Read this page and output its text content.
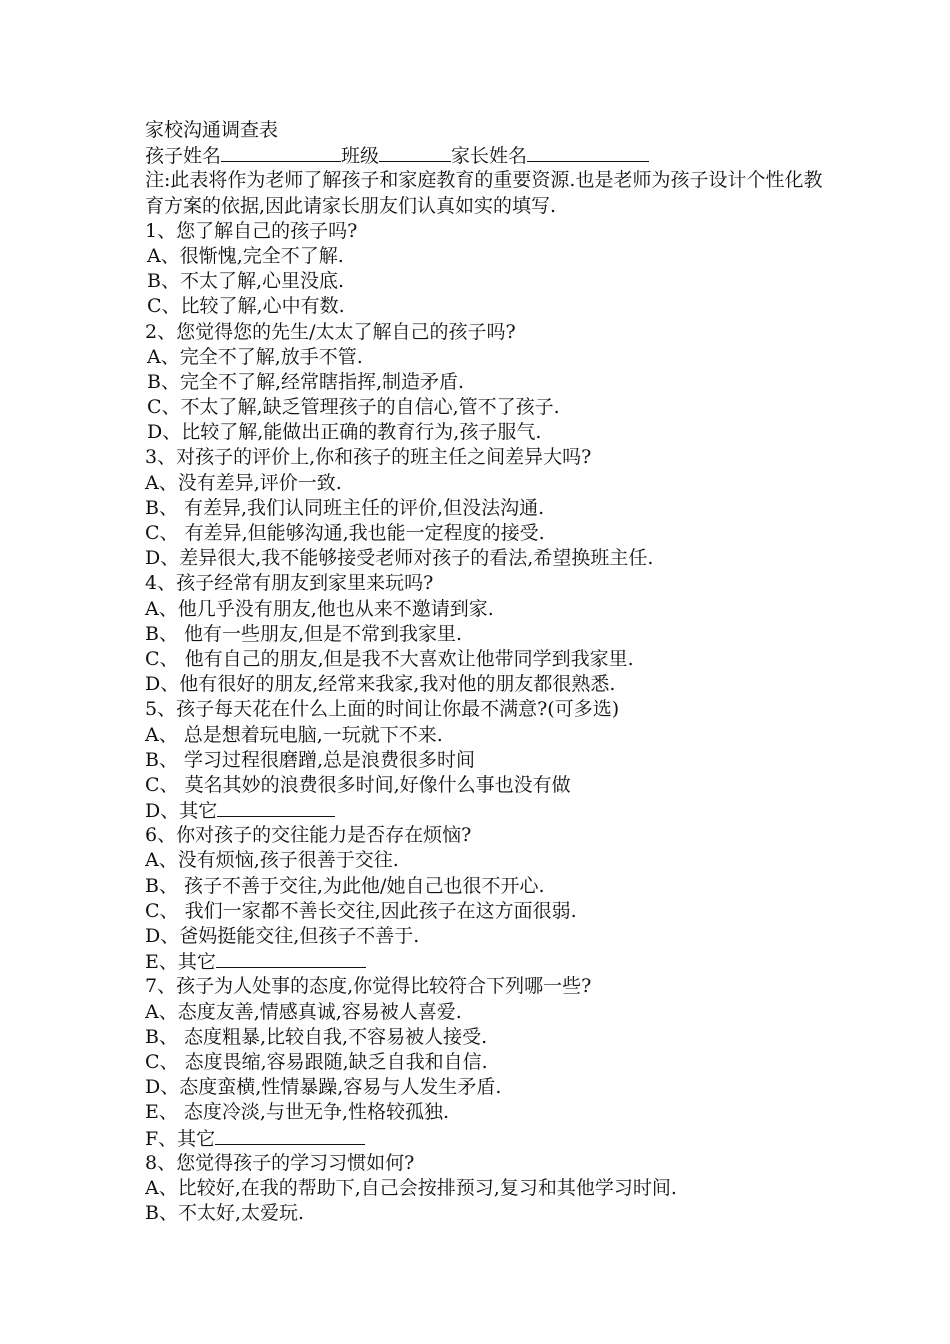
家校沟通调查表
孩子姓名	班级	家长姓名
注:此表将作为老师了解孩子和家庭教育的重要资源.也是老师为孩子设计个性化教育方案的依据,因此请家长朋友们认真如实的填写.
1、您了解自己的孩子吗?
A、很惭愧,完全不了解.
B、不太了解,心里没底.
C、比较了解,心中有数.
2、您觉得您的先生/太太了解自己的孩子吗?
A、完全不了解,放手不管.
B、完全不了解,经常瞎指挥,制造矛盾.
C、不太了解,缺乏管理孩子的自信心,管不了孩子.
D、比较了解,能做出正确的教育行为,孩子服气.
3、对孩子的评价上,你和孩子的班主任之间差异大吗?
A、没有差异,评价一致.
B、 有差异,我们认同班主任的评价,但没法沟通.
C、 有差异,但能够沟通,我也能一定程度的接受.
D、差异很大,我不能够接受老师对孩子的看法,希望换班主任.
4、孩子经常有朋友到家里来玩吗?
A、他几乎没有朋友,他也从来不邀请到家.
B、 他有一些朋友,但是不常到我家里.
C、 他有自己的朋友,但是我不大喜欢让他带同学到我家里.
D、他有很好的朋友,经常来我家,我对他的朋友都很熟悉.
5、孩子每天花在什么上面的时间让你最不满意?(可多选)
A、 总是想着玩电脑,一玩就下不来.
B、 学习过程很磨蹭,总是浪费很多时间
C、 莫名其妙的浪费很多时间,好像什么事也没有做
D、其它
6、你对孩子的交往能力是否存在烦恼?
A、没有烦恼,孩子很善于交往.
B、 孩子不善于交往,为此他/她自己也很不开心.
C、 我们一家都不善长交往,因此孩子在这方面很弱.
D、爸妈挺能交往,但孩子不善于.
E、其它
7、孩子为人处事的态度,你觉得比较符合下列哪一些?
A、态度友善,情感真诚,容易被人喜爱.
B、 态度粗暴,比较自我,不容易被人接受.
C、 态度畏缩,容易跟随,缺乏自我和自信.
D、态度蛮横,性情暴躁,容易与人发生矛盾.
E、 态度冷淡,与世无争,性格较孤独.
F、其它
8、您觉得孩子的学习习惯如何?
A、比较好,在我的帮助下,自己会按排预习,复习和其他学习时间.
B、不太好,太爱玩.
